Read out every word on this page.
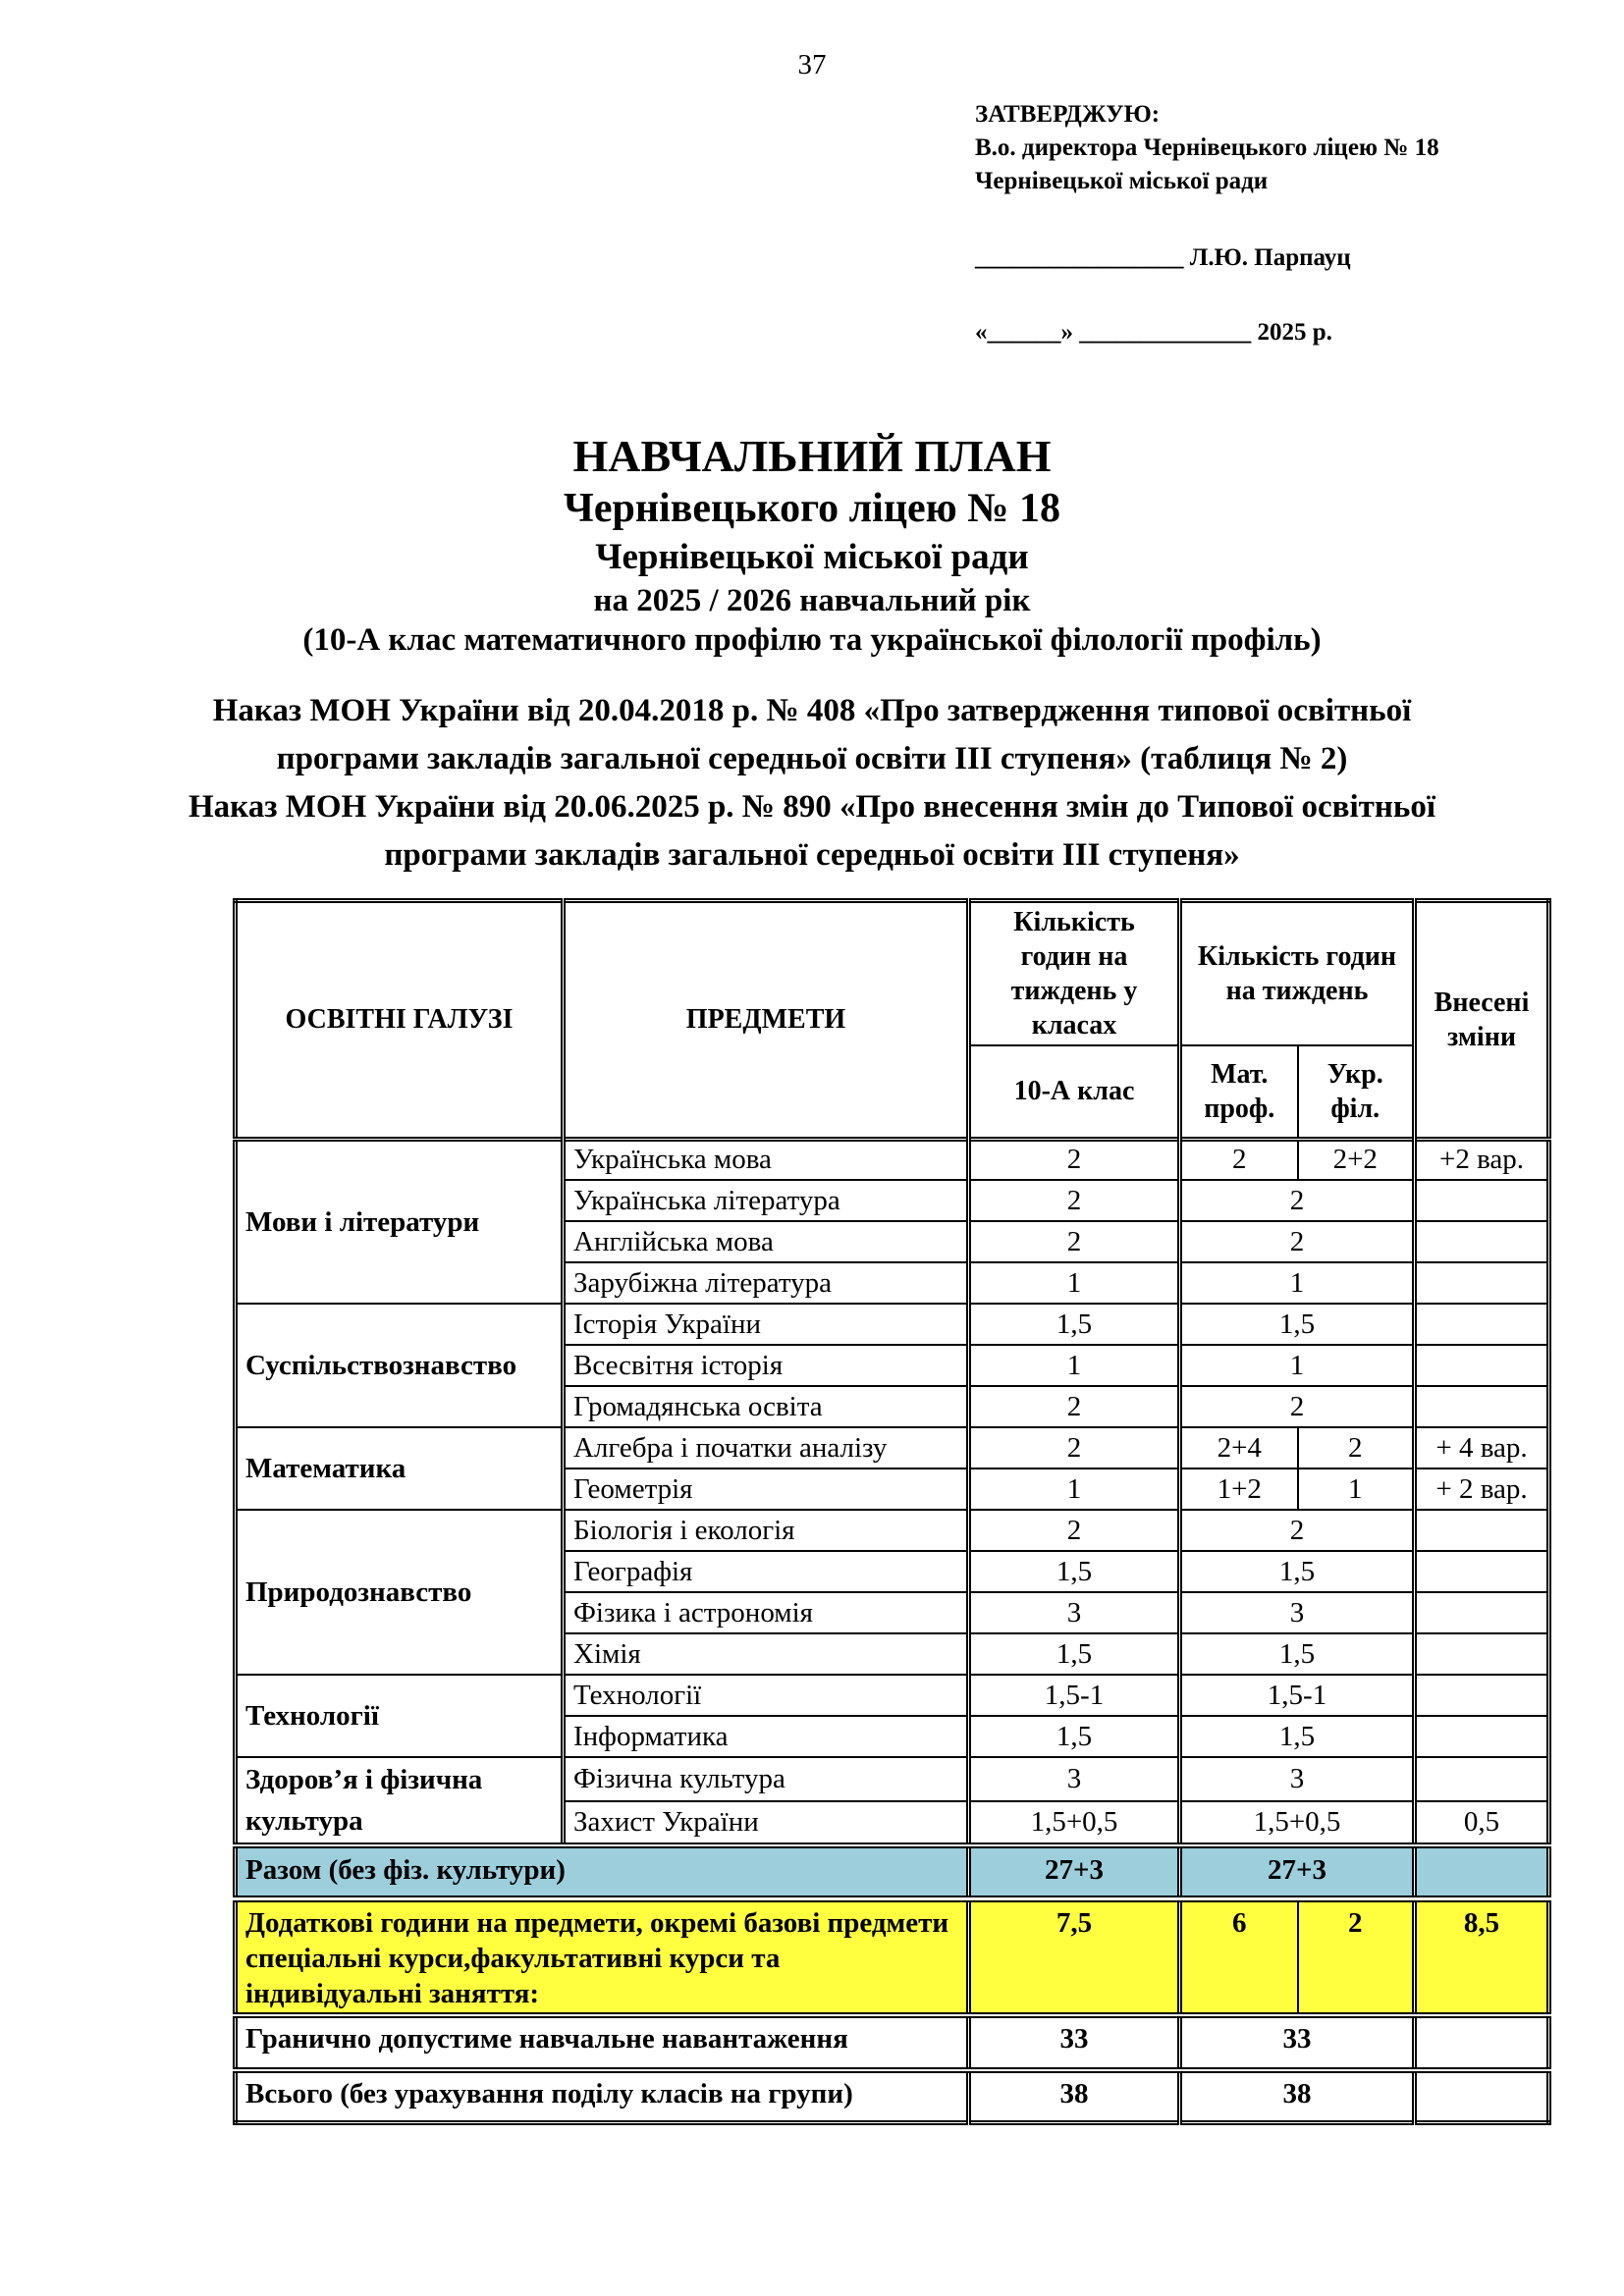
37
ЗАТВЕРДЖУЮ:
В.о. директора Чернівецького ліцею № 18
Чернівецької міської ради
_________________ Л.Ю. Парпауц
«______» ______________ 2025 р.
НАВЧАЛЬНИЙ ПЛАН
Чернівецького ліцею № 18
Чернівецької міської ради
на 2025 / 2026 навчальний рік
(10-А клас математичного профілю та української філології профіль)

Наказ МОН України від 20.04.2018 р. № 408 «Про затвердження типової освітньої програми закладів загальної середньої освіти ІІІ ступеня» (таблиця № 2)

Наказ МОН України від 20.06.2025 р. № 890 «Про внесення змін до Типової освітньої програми закладів загальної середньої освіти ІІІ ступеня»

ОСВІТНІ ГАЛУЗІ	ПРЕДМЕТИ	Кількість годин на тиждень у класах	Кількість годин на тиждень		Внесені зміни
		10-А клас	Мат. проф.	Укр. філ.	
Мови і літератури	Українська мова	2	2	2+2	+2 вар.
	Українська література	2	2		
	Англійська мова	2	2		
	Зарубіжна література	1	1		
Суспільствознавство	Історія України	1,5	1,5		
	Всесвітня історія	1	1		
	Громадянська освіта	2	2		
Математика	Алгебра і початки аналізу	2	2+4	2	+ 4 вар.
	Геометрія	1	1+2	1	+ 2 вар.
Природознавство	Біологія і екологія	2	2		
	Географія	1,5	1,5		
	Фізика і астрономія	3	3		
	Хімія	1,5	1,5		
Технології	Технології	1,5-1	1,5-1		
	Інформатика	1,5	1,5		
Здоров’я і фізична культура	Фізична культура	3	3		
	Захист України	1,5+0,5	1,5+0,5		0,5
Разом (без фіз. культури)		27+3	27+3		
Додаткові години на предмети, окремі базові предмети спеціальні курси,факультативні курси та індивідуальні заняття:		7,5	6	2	8,5
Гранично допустиме навчальне навантаження		33	33		
Всього (без урахування поділу класів на групи)		38	38		
